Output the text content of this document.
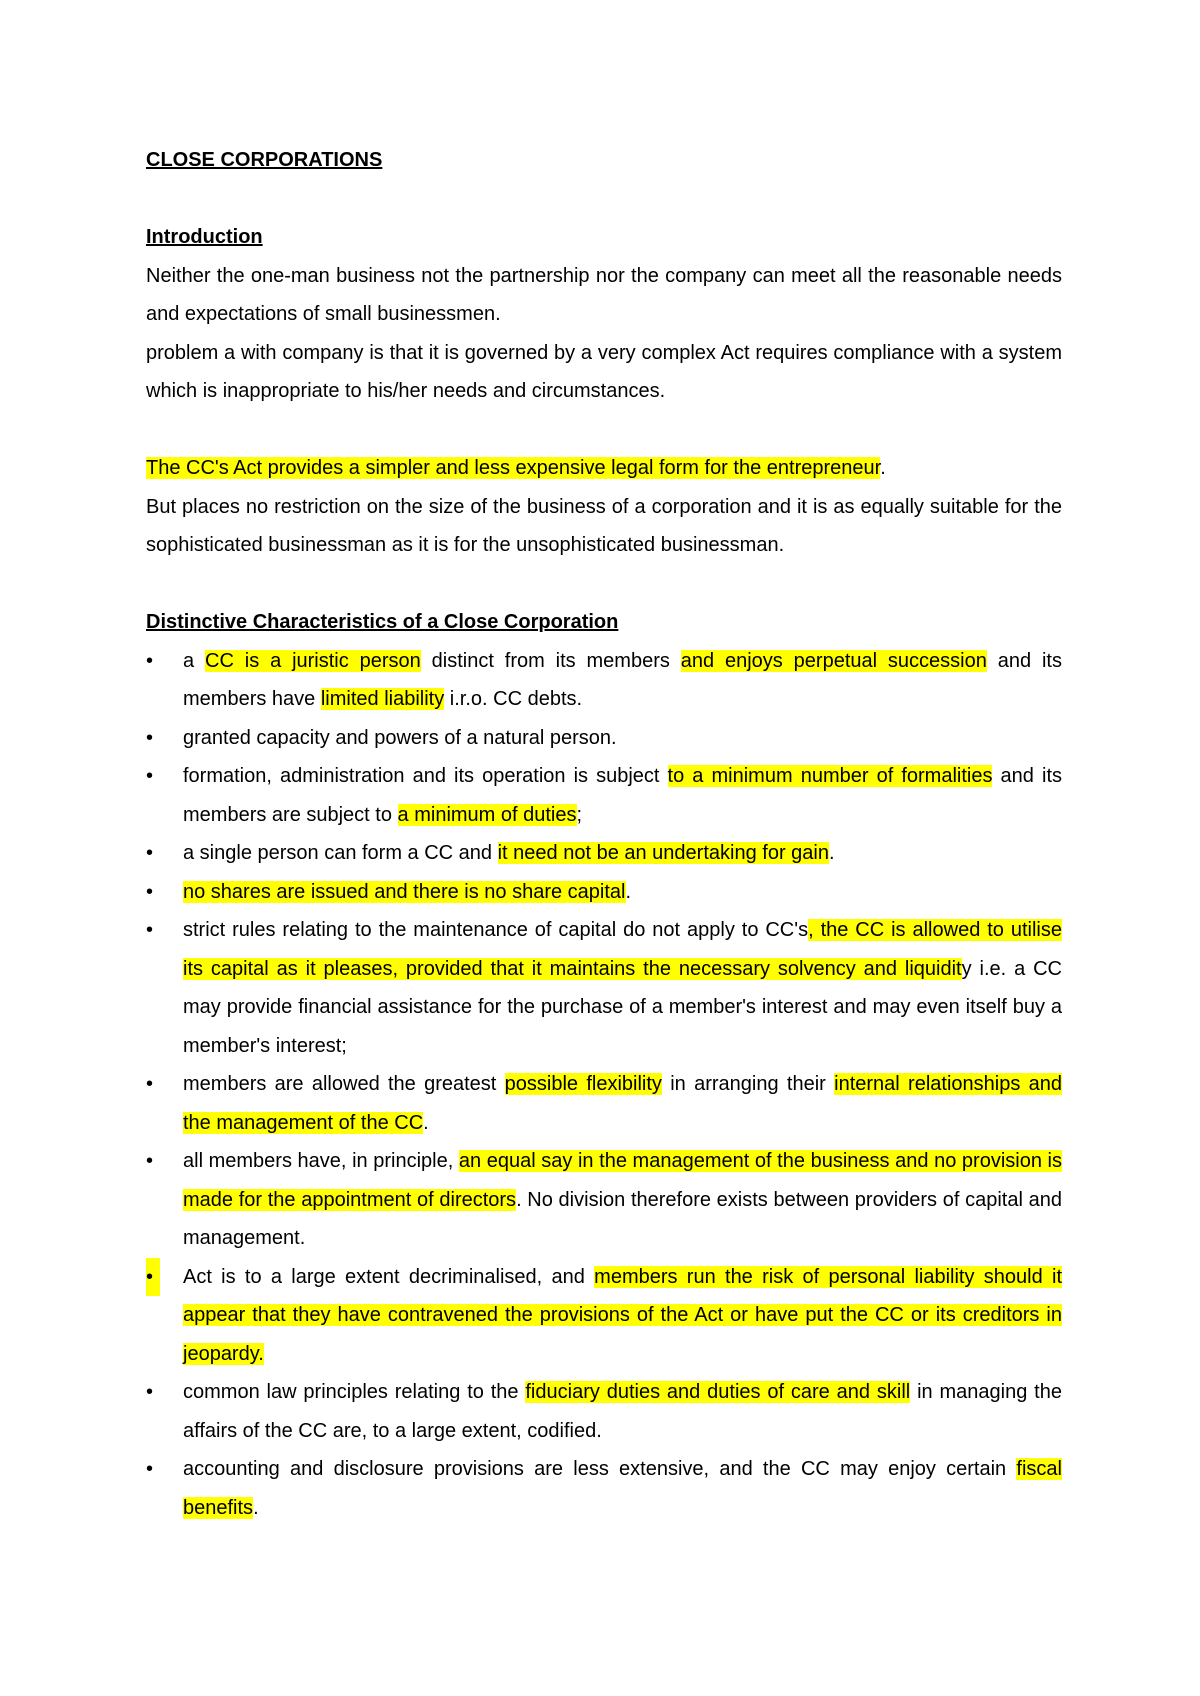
CLOSE CORPORATIONS

Introduction

Neither the one-man business not the partnership nor the company can meet all the reasonable needs and expectations of small businessmen.

problem a with company is that it is governed by a very complex Act requires compliance with a system which is inappropriate to his/her needs and circumstances.

The CC's Act provides a simpler and less expensive legal form for the entrepreneur.

But places no restriction on the size of the business of a corporation and it is as equally suitable for the sophisticated businessman as it is for the unsophisticated businessman.

Distinctive Characteristics of a Close Corporation

•	a CC is a juristic person distinct from its members and enjoys perpetual succession and its members have limited liability i.r.o. CC debts.
•	granted capacity and powers of a natural person.
•	formation, administration and its operation is subject to a minimum number of formalities and its members are subject to a minimum of duties;
•	a single person can form a CC and it need not be an undertaking for gain.
•	no shares are issued and there is no share capital.
•	strict rules relating to the maintenance of capital do not apply to CC's, the CC is allowed to utilise its capital as it pleases, provided that it maintains the necessary solvency and liquidity i.e. a CC may provide financial assistance for the purchase of a member's interest and may even itself buy a member's interest;
•	members are allowed the greatest possible flexibility in arranging their internal relationships and the management of the CC.
•	all members have, in principle, an equal say in the management of the business and no provision is made for the appointment of directors. No division therefore exists between providers of capital and management.
•	Act is to a large extent decriminalised, and members run the risk of personal liability should it appear that they have contravened the provisions of the Act or have put the CC or its creditors in jeopardy.
•	common law principles relating to the fiduciary duties and duties of care and skill in managing the affairs of the CC are, to a large extent, codified.
•	accounting and disclosure provisions are less extensive, and the CC may enjoy certain fiscal benefits.
